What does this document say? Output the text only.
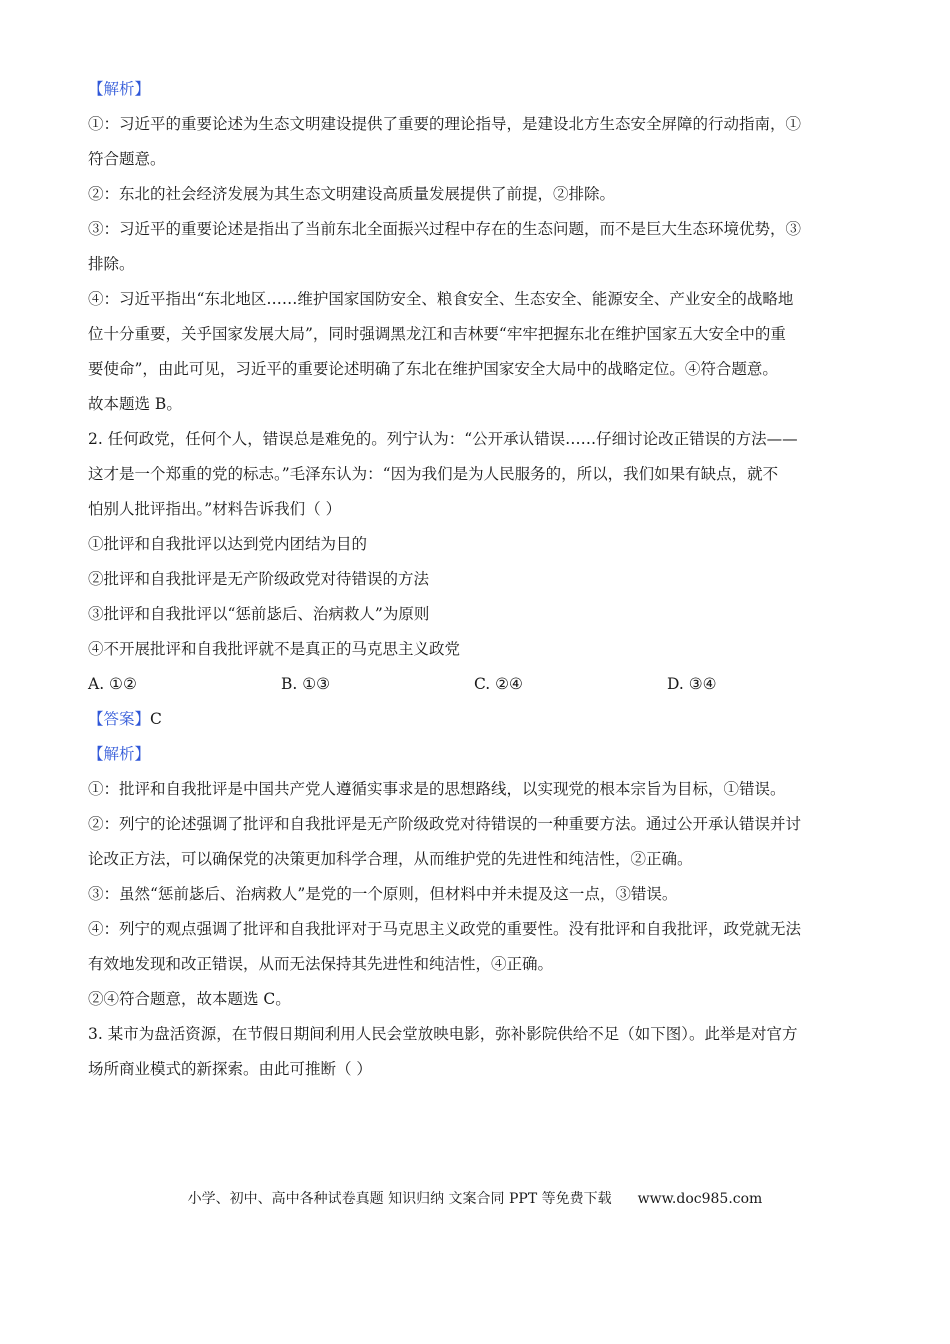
【解析】
①：习近平的重要论述为生态文明建设提供了重要的理论指导，是建设北方生态安全屏障的行动指南，①
符合题意。
②：东北的社会经济发展为其生态文明建设高质量发展提供了前提，②排除。
③：习近平的重要论述是指出了当前东北全面振兴过程中存在的生态问题，而不是巨大生态环境优势，③
排除。
④：习近平指出“东北地区……维护国家国防安全、粮食安全、生态安全、能源安全、产业安全的战略地
位十分重要，关乎国家发展大局”，同时强调黑龙江和吉林要“牢牢把握东北在维护国家五大安全中的重
要使命”，由此可见，习近平的重要论述明确了东北在维护国家安全大局中的战略定位。④符合题意。
故本题选 B。
2. 任何政党，任何个人，错误总是难免的。列宁认为：“公开承认错误……仔细讨论改正错误的方法——
这才是一个郑重的党的标志。”毛泽东认为：“因为我们是为人民服务的，所以，我们如果有缺点，就不
怕别人批评指出。”材料告诉我们（ ）
①批评和自我批评以达到党内团结为目的
②批评和自我批评是无产阶级政党对待错误的方法
③批评和自我批评以“惩前毖后、治病救人”为原则
④不开展批评和自我批评就不是真正的马克思主义政党
A. ①②	B. ①③	C. ②④	D. ③④
【答案】C
【解析】
①：批评和自我批评是中国共产党人遵循实事求是的思想路线，以实现党的根本宗旨为目标，①错误。
②：列宁的论述强调了批评和自我批评是无产阶级政党对待错误的一种重要方法。通过公开承认错误并讨
论改正方法，可以确保党的决策更加科学合理，从而维护党的先进性和纯洁性，②正确。
③：虽然“惩前毖后、治病救人”是党的一个原则，但材料中并未提及这一点，③错误。
④：列宁的观点强调了批评和自我批评对于马克思主义政党的重要性。没有批评和自我批评，政党就无法
有效地发现和改正错误，从而无法保持其先进性和纯洁性，④正确。
②④符合题意，故本题选 C。
3. 某市为盘活资源，在节假日期间利用人民会堂放映电影，弥补影院供给不足（如下图）。此举是对官方
场所商业模式的新探索。由此可推断（ ）
小学、初中、高中各种试卷真题 知识归纳 文案合同 PPT 等免费下载 www.doc985.com
